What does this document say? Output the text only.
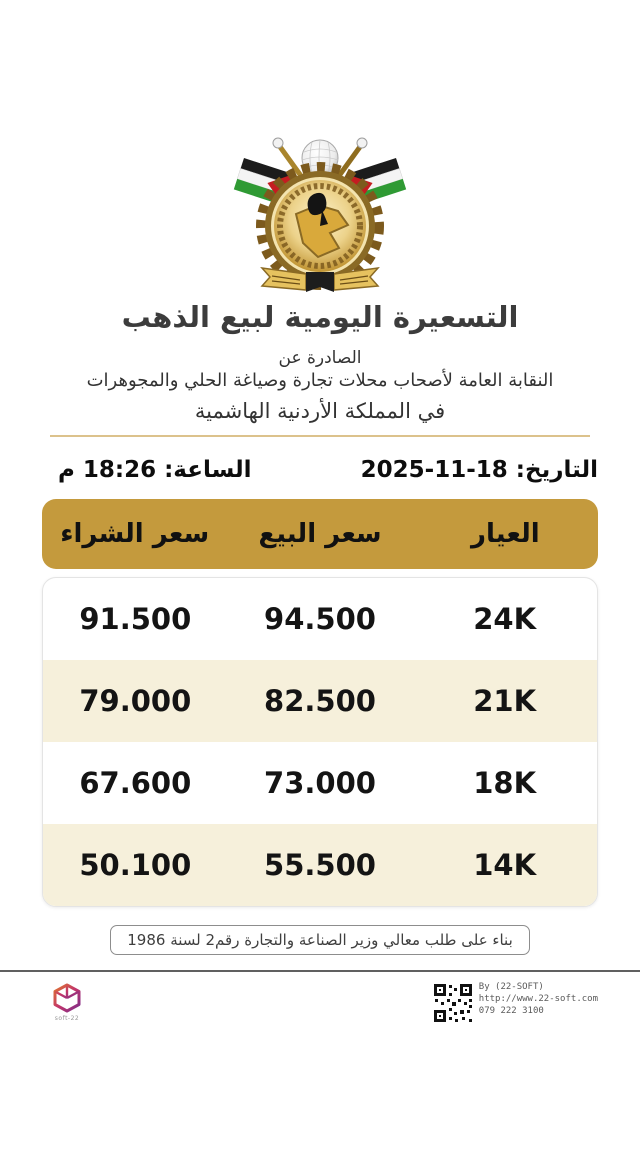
التسعيرة اليومية لبيع الذهب
الصادرة عن
النقابة العامة لأصحاب محلات تجارة وصياغة الحلي والمجوهرات
في المملكة الأردنية الهاشمية
التاريخ: 18-11-2025
الساعة: 18:26 م
العيار
سعر البيع
سعر الشراء
24K
94.500
91.500
21K
82.500
79.000
18K
73.000
67.600
14K
55.500
50.100
بناء على طلب معالي وزير الصناعة والتجارة رقم2 لسنة 1986
By (22-SOFT)
http://www.22-soft.com
079 222 3100
22-soft
